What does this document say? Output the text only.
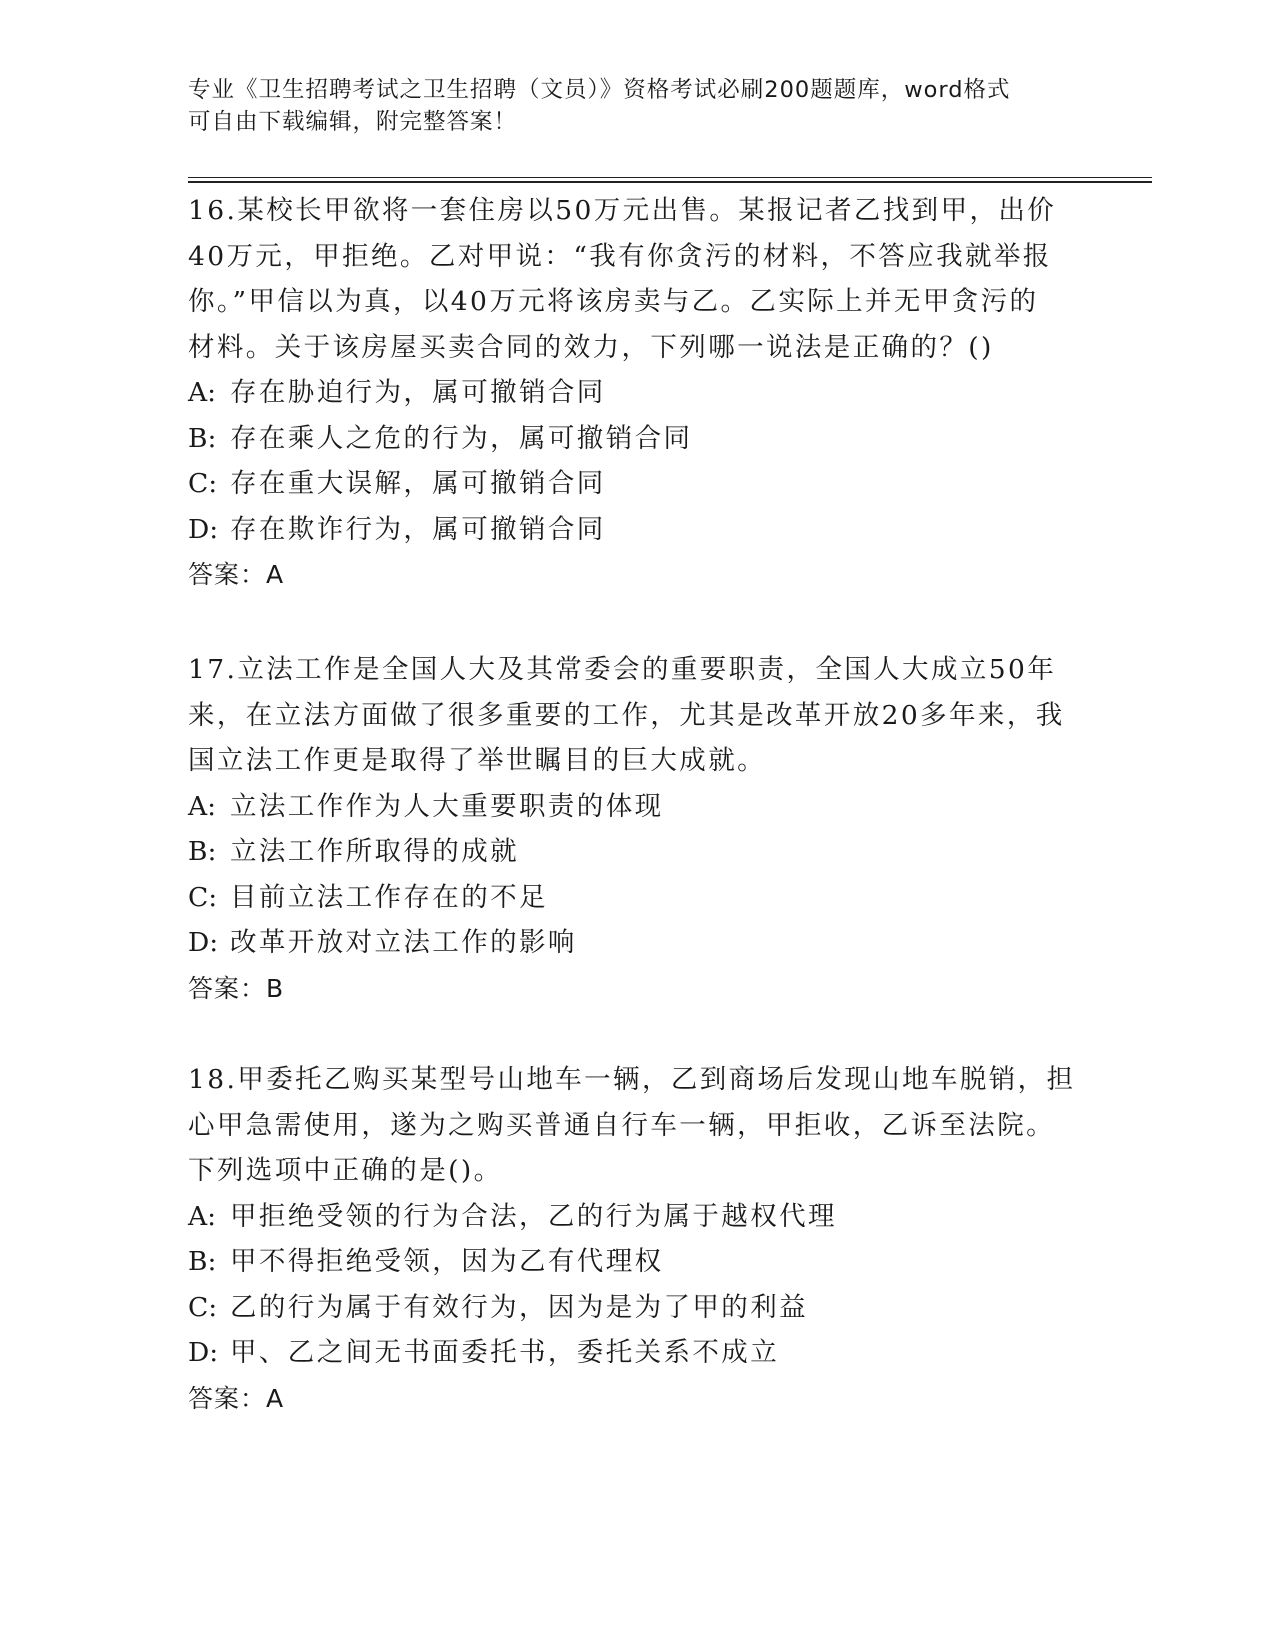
专业《卫生招聘考试之卫生招聘（文员）》资格考试必刷200题题库，word格式
可自由下载编辑，附完整答案！
16.某校长甲欲将一套住房以50万元出售。某报记者乙找到甲，出价
40万元，甲拒绝。乙对甲说：“我有你贪污的材料，不答应我就举报
你。”甲信以为真，以40万元将该房卖与乙。乙实际上并无甲贪污的
材料。关于该房屋买卖合同的效力，下列哪一说法是正确的？()
A: 存在胁迫行为，属可撤销合同
B: 存在乘人之危的行为，属可撤销合同
C: 存在重大误解，属可撤销合同
D: 存在欺诈行为，属可撤销合同
答案：A
17.立法工作是全国人大及其常委会的重要职责，全国人大成立50年
来，在立法方面做了很多重要的工作，尤其是改革开放20多年来，我
国立法工作更是取得了举世瞩目的巨大成就。
A: 立法工作作为人大重要职责的体现
B: 立法工作所取得的成就
C: 目前立法工作存在的不足
D: 改革开放对立法工作的影响
答案：B
18.甲委托乙购买某型号山地车一辆，乙到商场后发现山地车脱销，担
心甲急需使用，遂为之购买普通自行车一辆，甲拒收，乙诉至法院。
下列选项中正确的是()。
A: 甲拒绝受领的行为合法，乙的行为属于越权代理
B: 甲不得拒绝受领，因为乙有代理权
C: 乙的行为属于有效行为，因为是为了甲的利益
D: 甲、乙之间无书面委托书，委托关系不成立
答案：A
